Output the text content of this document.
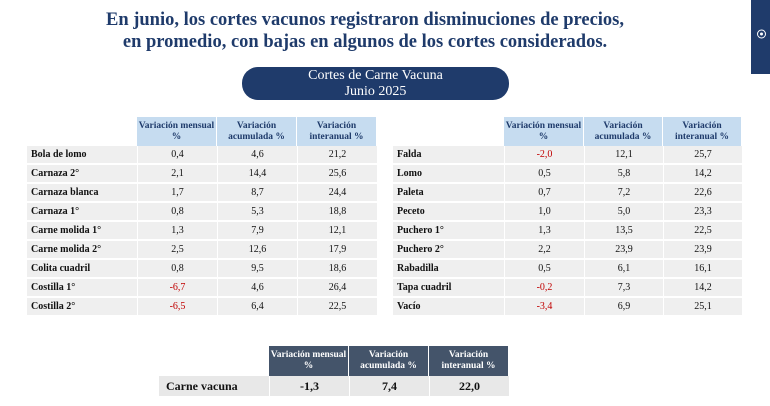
En junio, los cortes vacunos registraron disminuciones de precios,
en promedio, con bajas en algunos de los cortes considerados.
Cortes de Carne Vacuna
Junio 2025
	Variación mensual %	Variación acumulada %	Variación interanual %
Bola de lomo	0,4	4,6	21,2
Carnaza 2°	2,1	14,4	25,6
Carnaza blanca	1,7	8,7	24,4
Carnaza 1°	0,8	5,3	18,8
Carne molida 1°	1,3	7,9	12,1
Carne molida 2°	2,5	12,6	17,9
Colita cuadril	0,8	9,5	18,6
Costilla 1°	-6,7	4,6	26,4
Costilla 2°	-6,5	6,4	22,5
	Variación mensual %	Variación acumulada %	Variación interanual %
Falda	-2,0	12,1	25,7
Lomo	0,5	5,8	14,2
Paleta	0,7	7,2	22,6
Peceto	1,0	5,0	23,3
Puchero 1°	1,3	13,5	22,5
Puchero 2°	2,2	23,9	23,9
Rabadilla	0,5	6,1	16,1
Tapa cuadril	-0,2	7,3	14,2
Vacío	-3,4	6,9	25,1
	Variación mensual %	Variación acumulada %	Variación interanual %
Carne vacuna	-1,3	7,4	22,0
